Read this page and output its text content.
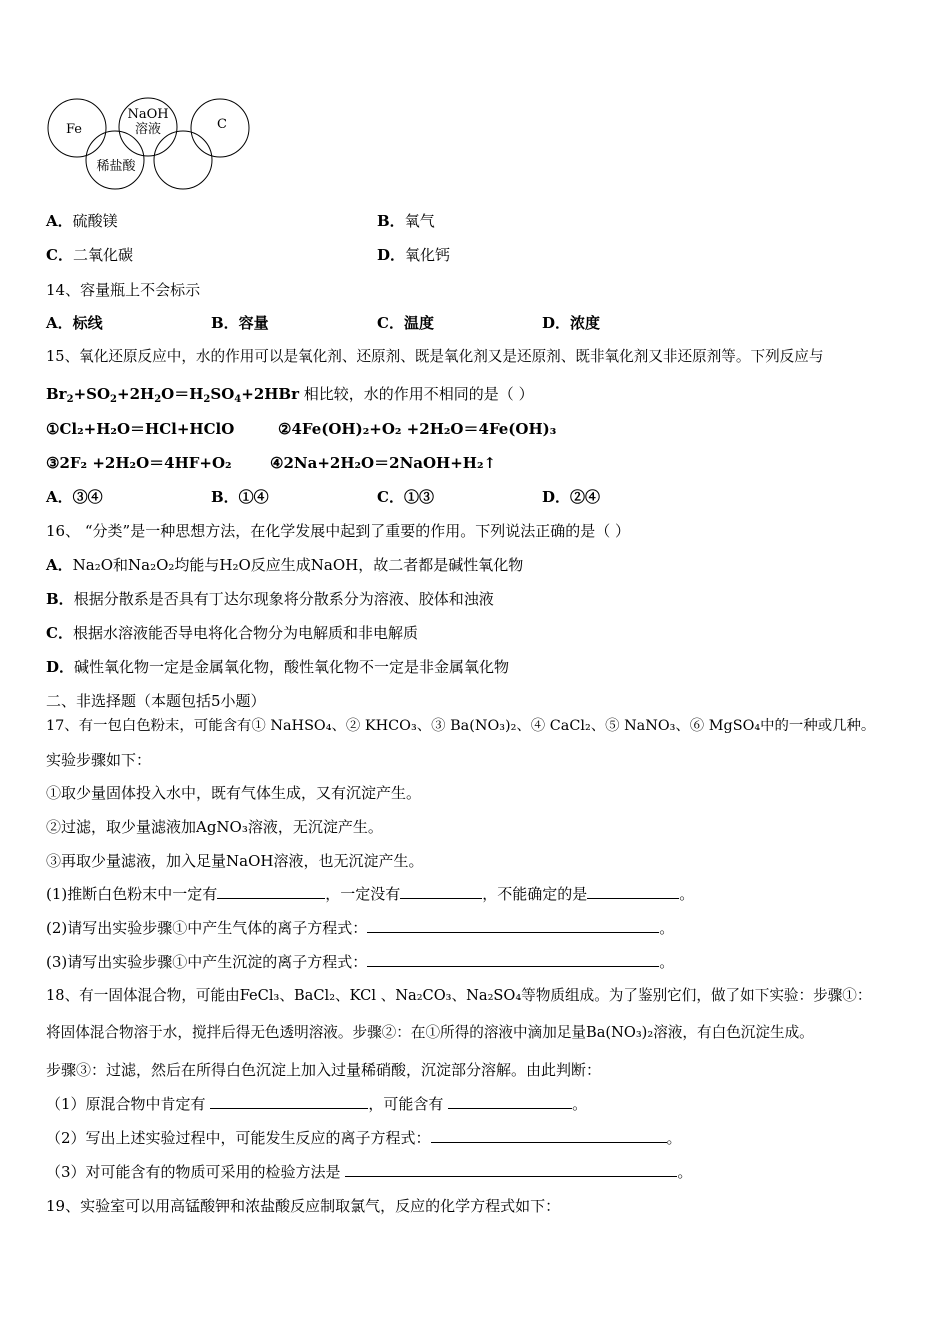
Fe
稀盐酸
NaOH
溶液	C
A．硫酸镁	B．氧气
C．二氧化碳	D．氧化钙
14、容量瓶上不会标示
A．标线	B．容量	C．温度	D．浓度
15、氧化还原反应中，水的作用可以是氧化剂、还原剂、既是氧化剂又是还原剂、既非氧化剂又非还原剂等。下列反应与
$Br_2+SO_2+2H_2O=H_2SO_4+2HBr$ 相比较，水的作用不相同的是（ ）
①Cl₂+H₂O＝HCl+HClO	②4Fe(OH)₂+O₂ +2H₂O＝4Fe(OH)₃
③2F₂ +2H₂O＝4HF+O₂	④2Na+2H₂O＝2NaOH+H₂↑
A．③④	B．①④	C．①③	D．②④
16、 “分类”是一种思想方法，在化学发展中起到了重要的作用。下列说法正确的是（ ）
A．Na₂O和Na₂O₂均能与H₂O反应生成NaOH，故二者都是碱性氧化物
B．根据分散系是否具有丁达尔现象将分散系分为溶液、胶体和浊液
C．根据水溶液能否导电将化合物分为电解质和非电解质
D．碱性氧化物一定是金属氧化物，酸性氧化物不一定是非金属氧化物
二、非选择题（本题包括5小题）
17、有一包白色粉末，可能含有① NaHSO₄、② KHCO₃、③ Ba(NO₃)₂、④ CaCl₂、⑤ NaNO₃、⑥ MgSO₄中的一种或几种。
实验步骤如下：
①取少量固体投入水中，既有气体生成，又有沉淀产生。
②过滤，取少量滤液加AgNO₃溶液，无沉淀产生。
③再取少量滤液，加入足量NaOH溶液，也无沉淀产生。
(1)推断白色粉末中一定有	，一定没有	，不能确定的是	。
(2)请写出实验步骤①中产生气体的离子方程式：	。
(3)请写出实验步骤①中产生沉淀的离子方程式：	。
18、有一固体混合物，可能由FeCl₃、BaCl₂、KCl 、Na₂CO₃、Na₂SO₄等物质组成。为了鉴别它们，做了如下实验：步骤①：
将固体混合物溶于水，搅拌后得无色透明溶液。步骤②：在①所得的溶液中滴加足量Ba(NO₃)₂溶液，有白色沉淀生成。
步骤③：过滤，然后在所得白色沉淀上加入过量稀硝酸，沉淀部分溶解。由此判断：
（1）原混合物中肯定有	，可能含有	。
（2）写出上述实验过程中，可能发生反应的离子方程式：	。
（3）对可能含有的物质可采用的检验方法是	。
19、实验室可以用高锰酸钾和浓盐酸反应制取氯气，反应的化学方程式如下：
